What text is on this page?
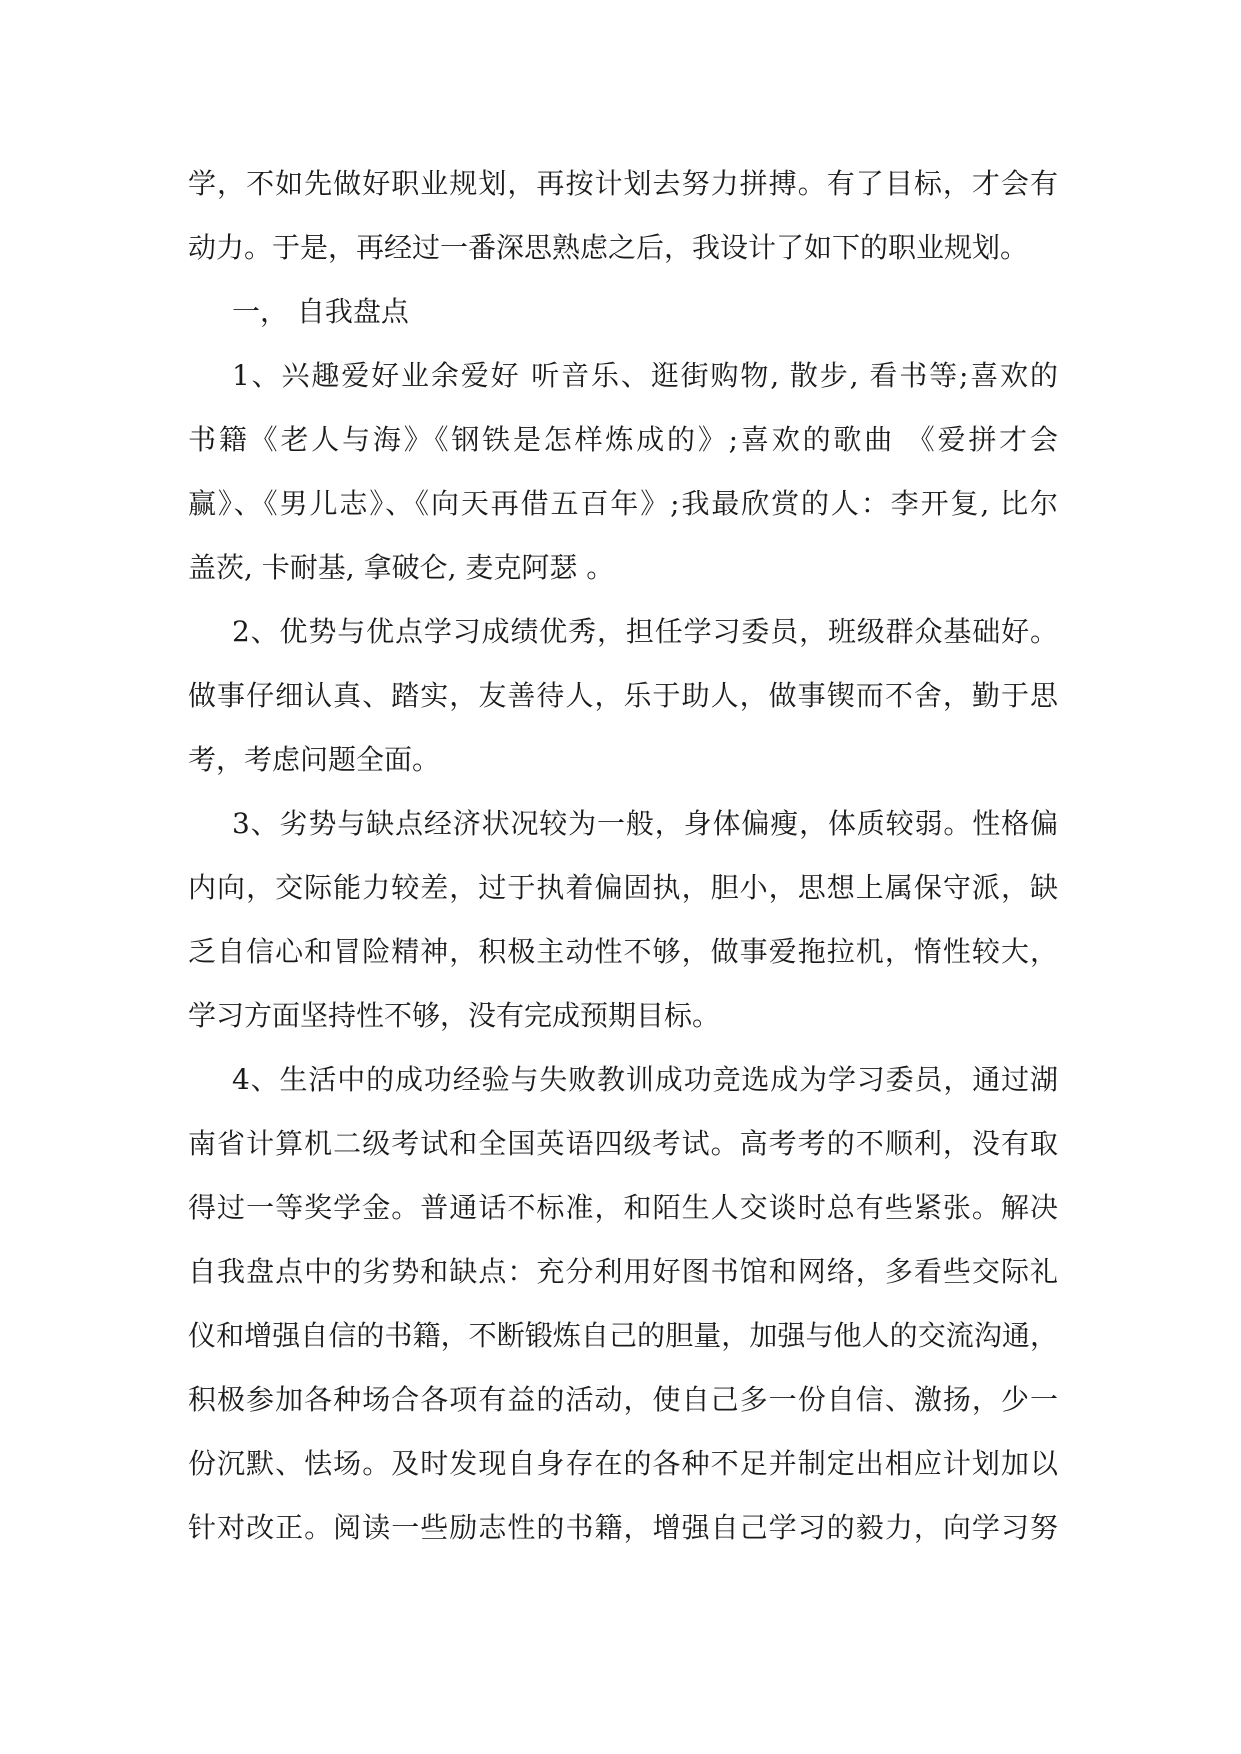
学，不如先做好职业规划，再按计划去努力拼搏。有了目标，才会有
动力。于是，再经过一番深思熟虑之后，我设计了如下的职业规划。
一， 自我盘点
1、兴趣爱好业余爱好 听音乐、逛街购物, 散步, 看书等;喜欢的
书籍《老人与海》《钢铁是怎样炼成的》;喜欢的歌曲 《爱拼才会
赢》、《男儿志》、《向天再借五百年》;我最欣赏的人：李开复, 比尔
盖茨, 卡耐基, 拿破仑, 麦克阿瑟 。
2、优势与优点学习成绩优秀，担任学习委员，班级群众基础好。
做事仔细认真、踏实，友善待人，乐于助人，做事锲而不舍，勤于思
考，考虑问题全面。
3、劣势与缺点经济状况较为一般，身体偏瘦，体质较弱。性格偏
内向，交际能力较差，过于执着偏固执，胆小，思想上属保守派，缺
乏自信心和冒险精神，积极主动性不够，做事爱拖拉机，惰性较大，
学习方面坚持性不够，没有完成预期目标。
4、生活中的成功经验与失败教训成功竞选成为学习委员，通过湖
南省计算机二级考试和全国英语四级考试。高考考的不顺利，没有取
得过一等奖学金。普通话不标准，和陌生人交谈时总有些紧张。解决
自我盘点中的劣势和缺点：充分利用好图书馆和网络，多看些交际礼
仪和增强自信的书籍，不断锻炼自己的胆量，加强与他人的交流沟通，
积极参加各种场合各项有益的活动，使自己多一份自信、激扬，少一
份沉默、怯场。及时发现自身存在的各种不足并制定出相应计划加以
针对改正。阅读一些励志性的书籍，增强自己学习的毅力，向学习努
